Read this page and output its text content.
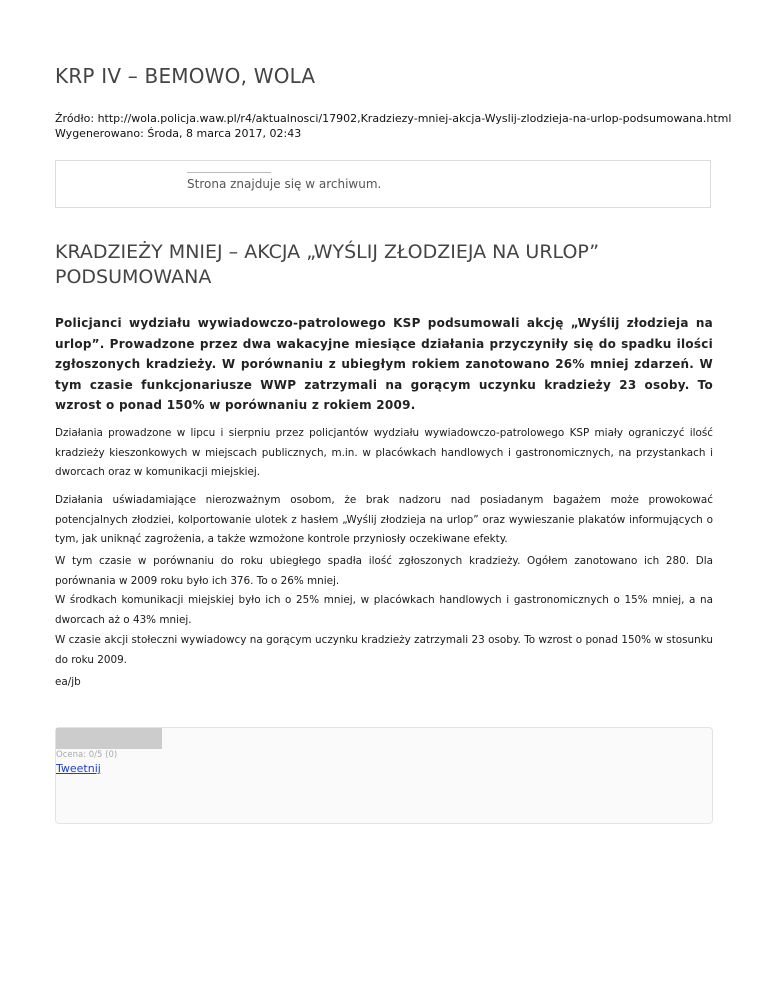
KRP IV – BEMOWO, WOLA
Źródło: http://wola.policja.waw.pl/r4/aktualnosci/17902,Kradziezy-mniej-akcja-Wyslij-zlodzieja-na-urlop-podsumowana.html
Wygenerowano: Środa, 8 marca 2017, 02:43
Strona znajduje się w archiwum.
KRADZIEŻY MNIEJ – AKCJA „WYŚLIJ ZŁODZIEJA NA URLOP” PODSUMOWANA

Policjanci wydziału wywiadowczo-patrolowego KSP podsumowali akcję „Wyślij złodzieja na urlop”. Prowadzone przez dwa wakacyjne miesiące działania przyczyniły się do spadku ilości zgłoszonych kradzieży. W porównaniu z ubiegłym rokiem zanotowano 26% mniej zdarzeń. W tym czasie funkcjonariusze WWP zatrzymali na gorącym uczynku kradzieży 23 osoby. To wzrost o ponad 150% w porównaniu z rokiem 2009.

Działania prowadzone w lipcu i sierpniu przez policjantów wydziału wywiadowczo-patrolowego KSP miały ograniczyć ilość kradzieży kieszonkowych w miejscach publicznych, m.in. w placówkach handlowych i gastronomicznych, na przystankach i dworcach oraz w komunikacji miejskiej.

Działania uświadamiające nierozważnym osobom, że brak nadzoru nad posiadanym bagażem może prowokować potencjalnych złodziei, kolportowanie ulotek z hasłem „Wyślij złodzieja na urlop” oraz wywieszanie plakatów informujących o tym, jak uniknąć zagrożenia, a także wzmożone kontrole przyniosły oczekiwane efekty.

W tym czasie w porównaniu do roku ubiegłego spadła ilość zgłoszonych kradzieży. Ogółem zanotowano ich 280. Dla porównania w 2009 roku było ich 376. To o 26% mniej.
W środkach komunikacji miejskiej było ich o 25% mniej, w placówkach handlowych i gastronomicznych o 15% mniej, a na dworcach aż o 43% mniej.

W czasie akcji stołeczni wywiadowcy na gorącym uczynku kradzieży zatrzymali 23 osoby. To wzrost o ponad 150% w stosunku do roku 2009.

ea/jb
Ocena: 0/5 (0)
Tweetnij
